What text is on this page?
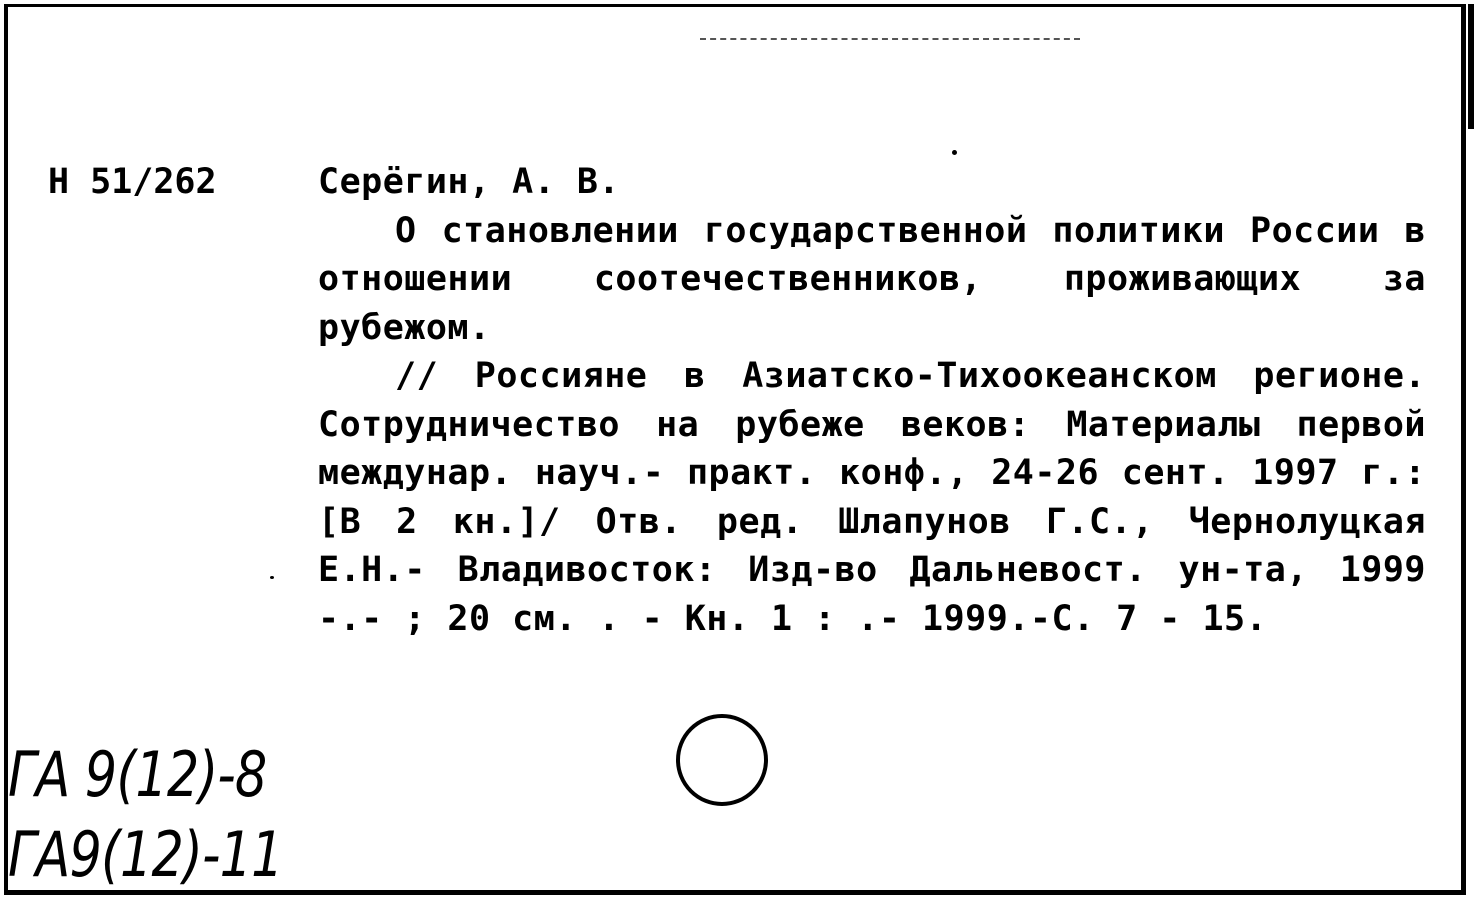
Н 51/262	Серёгин, А. В.
О становлении государственной политики России в отношении соотечественников, проживающих за рубежом.
// Россияне в Азиатско-Тихоокеанском регионе. Сотрудничество на рубеже веков: Материалы первой междунар. науч.- практ. конф., 24-26 сент. 1997 г.: [В 2 кн.]/ Отв. ред. Шлапунов Г.С., Чернолуцкая Е.Н.- Владивосток: Изд-во Дальневост. ун-та, 1999 -.- ; 20 см. . - Кн. 1 : .- 1999.-С. 7 - 15.
ГА 9(12)-8
ГА9(12)-11
